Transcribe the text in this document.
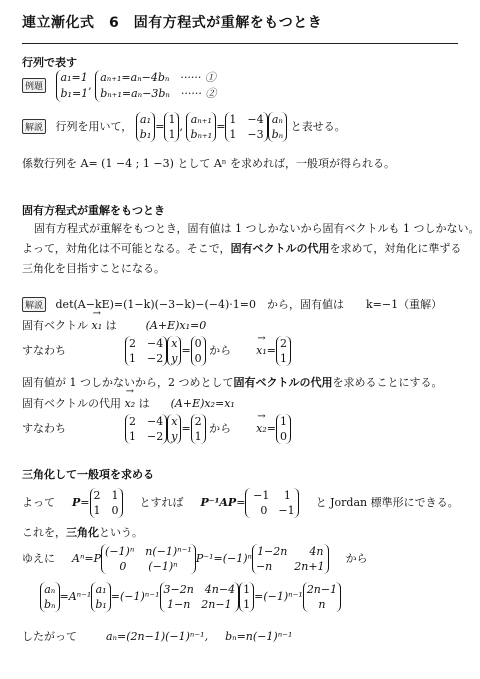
連立漸化式　6　固有方程式が重解をもつとき
行列で表す
例題
a₁=1
b₁=1
,
aₙ₊₁=aₙ−4bₙ　······ ①
bₙ₊₁=aₙ−3bₙ　······ ②
解説 行列を用いて，
a₁
b₁
=
1
1
,
aₙ₊₁
bₙ₊₁
=
1　−4
1　−3
aₙ
bₙ
と表せる。
係数行列を A= (1 −4 ; 1 −3) として Aⁿ を求めれば，一般項が得られる。
固有方程式が重解をもつとき
固有方程式が重解をもつとき，固有値は 1 つしかないから固有ベクトルも 1 つしかない。
よって，対角化は不可能となる。そこで，固有ベクトルの代用を求めて，対角化に準ずる
三角化を目指すことになる。
解説 det(A−kE)=(1−k)(−3−k)−(−4)·1=0　から，固有値は　　k=−1（重解）
固有ベクトル → x₁ は  (A+E)x₁=0
すなわち
2　−4
1　−2
x
y
=
0
0
から → x₁=
2
1
固有値が 1 つしかないから，2 つめとして固有ベクトルの代用を求めることにする。
固有ベクトルの代用 → x₂ は  (A+E)x₂=x₁
すなわち
2　−4
1　−2
x
y
=
2
1
から → x₂=
1
0
三角化して一般項を求める
よって P=
2　1
1　0
とすれば P⁻¹AP=
−1　 1
　0　−1
と Jordan 標準形にできる。
これを，三角化という。
ゆえに Aⁿ=P
(−1)ⁿ　n(−1)ⁿ⁻¹
0　　(−1)ⁿ
P⁻¹=(−1)ⁿ
1−2n　　4n
−n　　2n+1
から
aₙ
bₙ
=Aⁿ⁻¹
a₁
b₁
=(−1)ⁿ⁻¹
3−2n　4n−4
1−n　2n−1
1
1
=(−1)ⁿ⁻¹
2n−1
n
したがって	aₙ=(2n−1)(−1)ⁿ⁻¹, bₙ=n(−1)ⁿ⁻¹
